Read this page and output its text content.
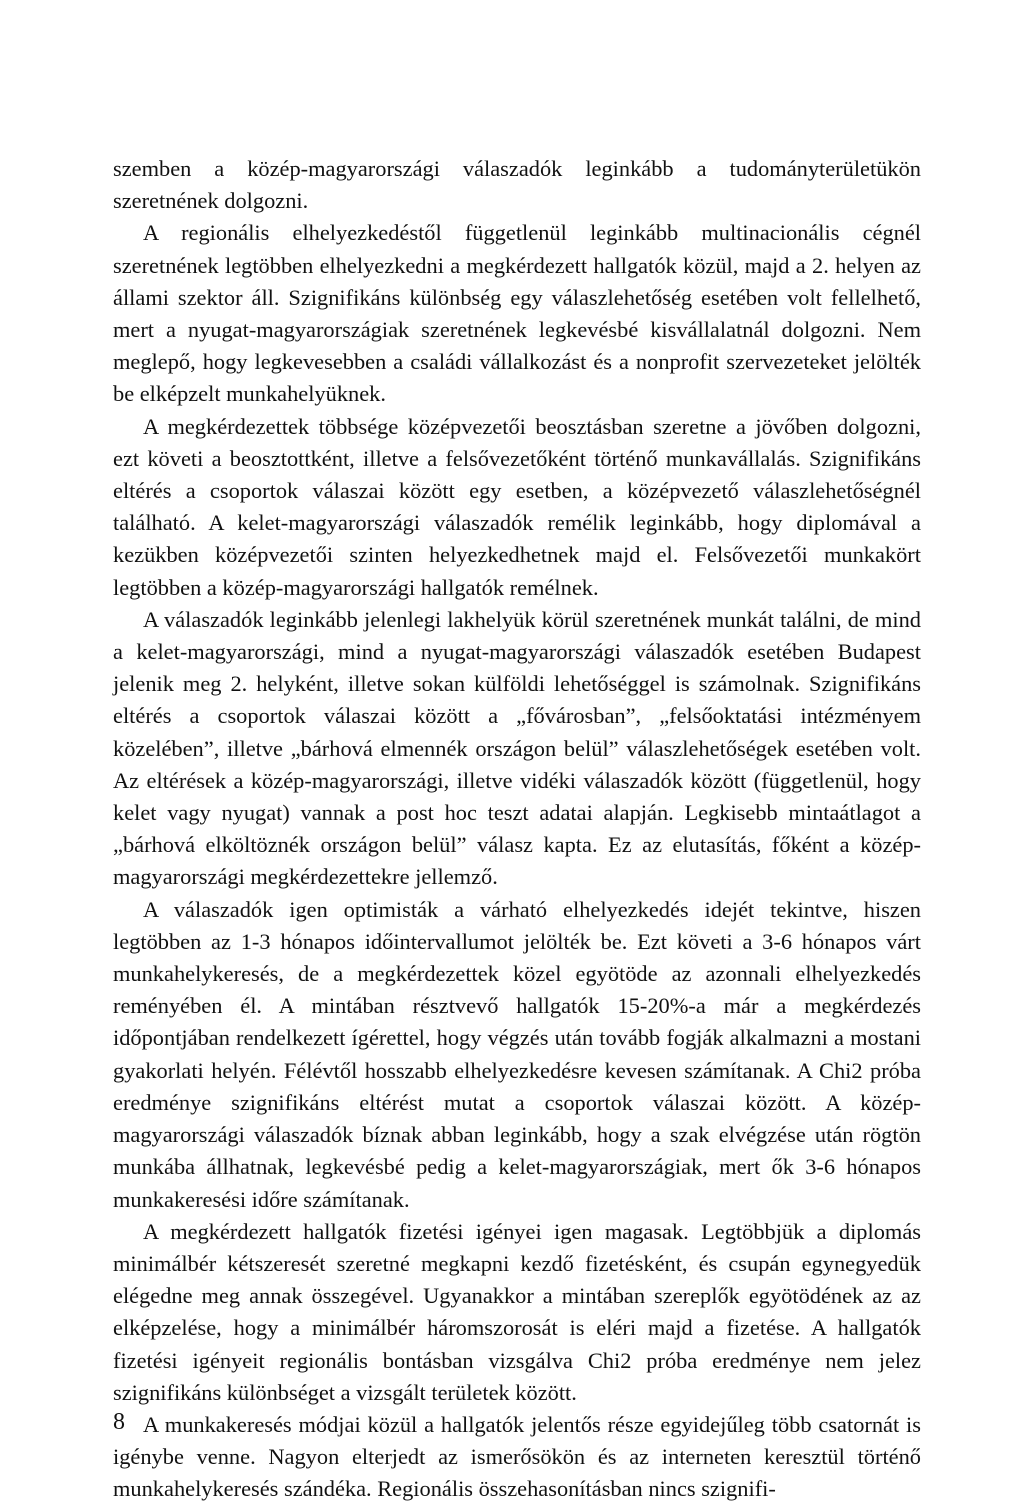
szemben a közép-magyarországi válaszadók leginkább a tudományterületükön szeretnének dolgozni.

A regionális elhelyezkedéstől függetlenül leginkább multinacionális cégnél szeretnének legtöbben elhelyezkedni a megkérdezett hallgatók közül, majd a 2. helyen az állami szektor áll. Szignifikáns különbség egy válaszlehetőség esetében volt fellelhető, mert a nyugat-magyarországiak szeretnének legkevésbé kisvállalatnál dolgozni. Nem meglepő, hogy legkevesebben a családi vállalkozást és a nonprofit szervezeteket jelölték be elképzelt munkahelyüknek.

A megkérdezettek többsége középvezetői beosztásban szeretne a jövőben dolgozni, ezt követi a beosztottként, illetve a felsővezetőként történő munkavállalás. Szignifikáns eltérés a csoportok válaszai között egy esetben, a középvezető válaszlehetőségnél található. A kelet-magyarországi válaszadók remélik leginkább, hogy diplomával a kezükben középvezetői szinten helyezkedhetnek majd el. Felsővezetői munkakört legtöbben a közép-magyarországi hallgatók remélnek.

A válaszadók leginkább jelenlegi lakhelyük körül szeretnének munkát találni, de mind a kelet-magyarországi, mind a nyugat-magyarországi válaszadók esetében Budapest jelenik meg 2. helyként, illetve sokan külföldi lehetőséggel is számolnak. Szignifikáns eltérés a csoportok válaszai között a „fővárosban”, „felsőoktatási intézményem közelében”, illetve „bárhová elmennék országon belül” válaszlehetőségek esetében volt. Az eltérések a közép-magyarországi, illetve vidéki válaszadók között (függetlenül, hogy kelet vagy nyugat) vannak a post hoc teszt adatai alapján. Legkisebb mintaátlagot a „bárhová elköltöznék országon belül” válasz kapta. Ez az elutasítás, főként a közép-magyarországi megkérdezettekre jellemző.

A válaszadók igen optimisták a várható elhelyezkedés idejét tekintve, hiszen legtöbben az 1-3 hónapos időintervallumot jelölték be. Ezt követi a 3-6 hónapos várt munkahelykeresés, de a megkérdezettek közel egyötöde az azonnali elhelyezkedés reményében él. A mintában résztvevő hallgatók 15-20%-a már a megkérdezés időpontjában rendelkezett ígérettel, hogy végzés után tovább fogják alkalmazni a mostani gyakorlati helyén. Félévtől hosszabb elhelyezkedésre kevesen számítanak. A Chi2 próba eredménye szignifikáns eltérést mutat a csoportok válaszai között. A közép-magyarországi válaszadók bíznak abban leginkább, hogy a szak elvégzése után rögtön munkába állhatnak, legkevésbé pedig a kelet-magyarországiak, mert ők 3-6 hónapos munkakeresési időre számítanak.

A megkérdezett hallgatók fizetési igényei igen magasak. Legtöbbjük a diplomás minimálbér kétszeresét szeretné megkapni kezdő fizetésként, és csupán egynegyedük elégedne meg annak összegével. Ugyanakkor a mintában szereplők egyötödének az az elképzelése, hogy a minimálbér háromszorosát is eléri majd a fizetése. A hallgatók fizetési igényeit regionális bontásban vizsgálva Chi2 próba eredménye nem jelez szignifikáns különbséget a vizsgált területek között.

A munkakeresés módjai közül a hallgatók jelentős része egyidejűleg több csatornát is igénybe venne. Nagyon elterjedt az ismerősökön és az interneten keresztül történő munkahelykeresés szándéka. Regionális összehasonításban nincs szignifi-

8
